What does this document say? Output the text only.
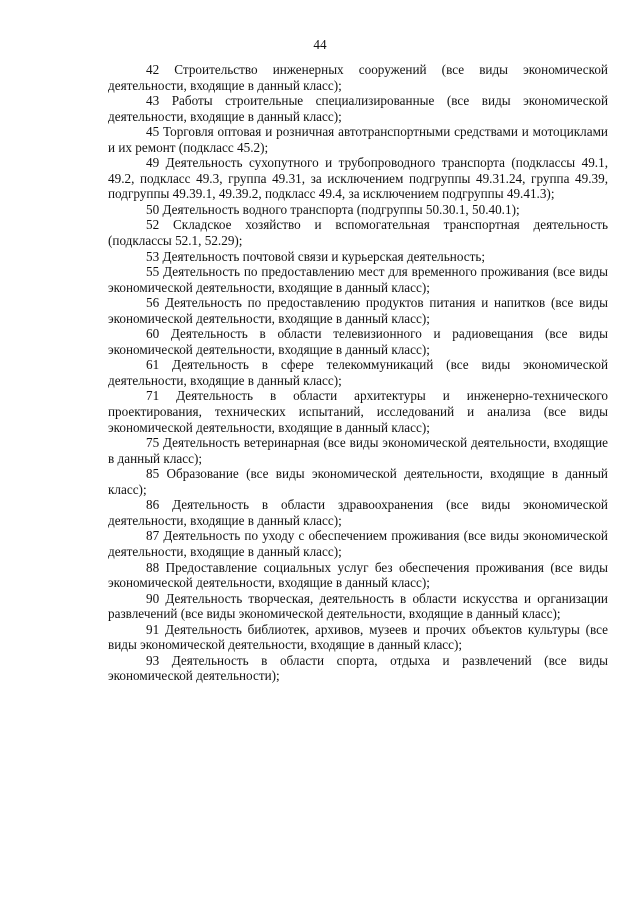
44

42 Строительство инженерных сооружений (все виды экономической деятельности, входящие в данный класс);

43 Работы строительные специализированные (все виды экономической деятельности, входящие в данный класс);

45 Торговля оптовая и розничная автотранспортными средствами и мотоциклами и их ремонт (подкласс 45.2);

49 Деятельность сухопутного и трубопроводного транспорта (подклассы 49.1, 49.2, подкласс 49.3, группа 49.31, за исключением подгруппы 49.31.24, группа 49.39, подгруппы 49.39.1, 49.39.2, подкласс 49.4, за исключением подгруппы 49.41.3);

50 Деятельность водного транспорта (подгруппы 50.30.1, 50.40.1);

52 Складское хозяйство и вспомогательная транспортная деятельность (подклассы 52.1, 52.29);

53 Деятельность почтовой связи и курьерская деятельность;

55 Деятельность по предоставлению мест для временного проживания (все виды экономической деятельности, входящие в данный класс);

56 Деятельность по предоставлению продуктов питания и напитков (все виды экономической деятельности, входящие в данный класс);

60 Деятельность в области телевизионного и радиовещания (все виды экономической деятельности, входящие в данный класс);

61 Деятельность в сфере телекоммуникаций (все виды экономической деятельности, входящие в данный класс);

71 Деятельность в области архитектуры и инженерно-технического проектирования, технических испытаний, исследований и анализа (все виды экономической деятельности, входящие в данный класс);

75 Деятельность ветеринарная (все виды экономической деятельности, входящие в данный класс);

85 Образование (все виды экономической деятельности, входящие в данный класс);

86 Деятельность в области здравоохранения (все виды экономической деятельности, входящие в данный класс);

87 Деятельность по уходу с обеспечением проживания (все виды экономической деятельности, входящие в данный класс);

88 Предоставление социальных услуг без обеспечения проживания (все виды экономической деятельности, входящие в данный класс);

90 Деятельность творческая, деятельность в области искусства и организации развлечений (все виды экономической деятельности, входящие в данный класс);

91 Деятельность библиотек, архивов, музеев и прочих объектов культуры (все виды экономической деятельности, входящие в данный класс);

93 Деятельность в области спорта, отдыха и развлечений (все виды экономической деятельности);
